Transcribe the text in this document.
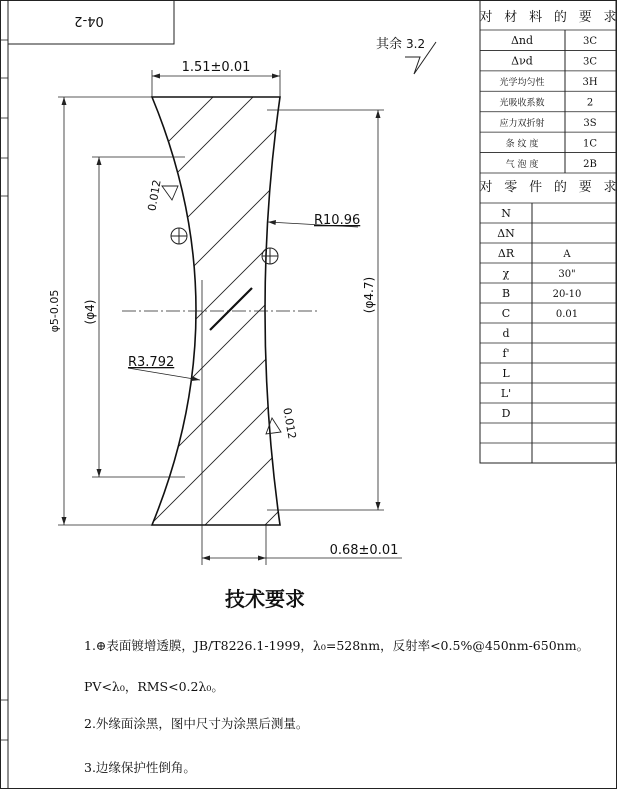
04-2
其余 3.2
1.51±0.01
φ5-0.05 (φ4)	(φ4.7)
0.68±0.01
R10.96
R3.792
0.012
0.012
对 材 料 的 要 求
对 零 件 的 要 求
Δnd	3C
Δνd	3C
光学均匀性	3H
光吸收系数	2
应力双折射	3S
条 纹 度	1C
气 泡 度	2B
N
ΔN
ΔR	A
χ	30"
B	20-10
C	0.01
d
f'
L
L'
D
技术要求
1.⊕表面镀增透膜，JB/T8226.1-1999，λ₀=528nm，反射率<0.5%@450nm-650nm。
PV<λ₀，RMS<0.2λ₀。
2.外缘面涂黑，图中尺寸为涂黑后测量。
3.边缘保护性倒角。
